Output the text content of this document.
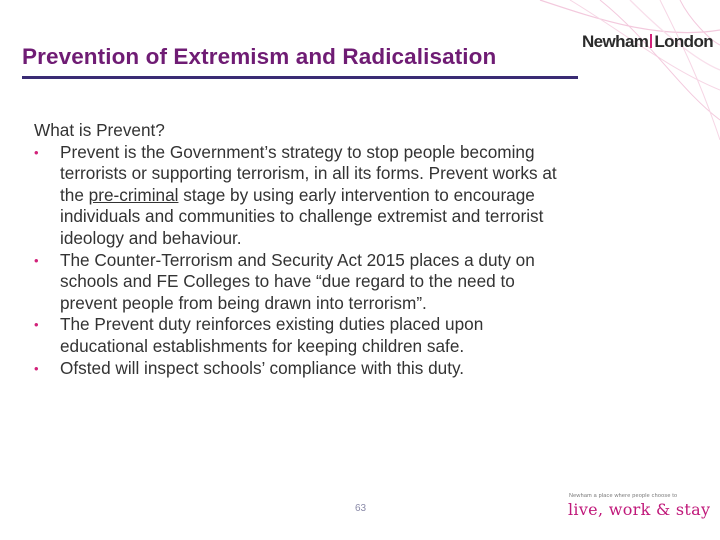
Prevention of Extremism and Radicalisation
Newham London

What is Prevent?

• Prevent is the Government’s strategy to stop people becoming terrorists or supporting terrorism, in all its forms. Prevent works at the pre-criminal stage by using early intervention to encourage individuals and communities to challenge extremist and terrorist ideology and behaviour.
• The Counter-Terrorism and Security Act 2015 places a duty on schools and FE Colleges to have “due regard to the need to prevent people from being drawn into terrorism”.
• The Prevent duty reinforces existing duties placed upon educational establishments for keeping children safe.
• Ofsted will inspect schools’ compliance with this duty.
63
Newham a place where people choose to
live, work & stay
